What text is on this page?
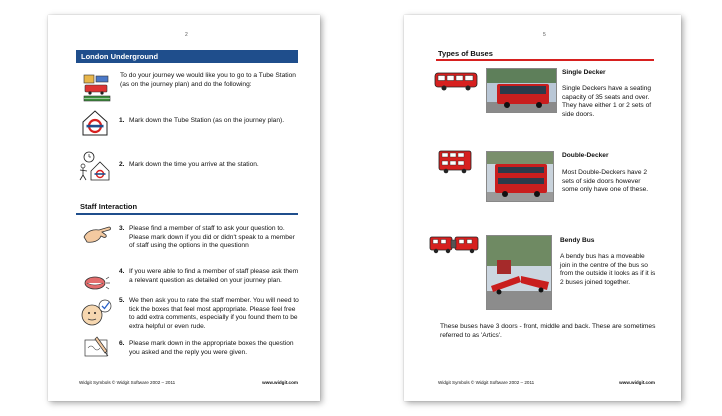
2
London Underground
To do your journey we would like you to go to a Tube Station (as on the journey plan) and do the following:
1. Mark down the Tube Station (as on the journey plan).
2. Mark down the time you arrive at the station.
Staff Interaction
3. Please find a member of staff to ask your question to. Please mark down if you did or didn't speak to a member of staff using the options in the questionn
4. If you were able to find a member of staff please ask them a relevant question as detailed on your journey plan.
5. We then ask you to rate the staff member. You will need to tick the boxes that feel most appropriate. Please feel free to add extra comments, especially if you found them to be extra helpful or even rude.
6. Please mark down in the appropriate boxes the question you asked and the reply you were given.
Widgit Symbols © Widgit Software 2002 – 2011	www.widgit.com
5
Types of Buses
Single Decker
Single Deckers have a seating capacity of 35 seats and over. They have either 1 or 2 sets of side doors.
Double-Decker
Most Double-Deckers have 2 sets of side doors however some only have one of these.
Bendy Bus
A bendy bus has a moveable join in the centre of the bus so from the outside it looks as if it is 2 buses joined together.
These buses have 3 doors - front, middle and back. These are sometimes referred to as 'Artics'.
Widgit Symbols © Widgit Software 2002 – 2011	www.widgit.com
